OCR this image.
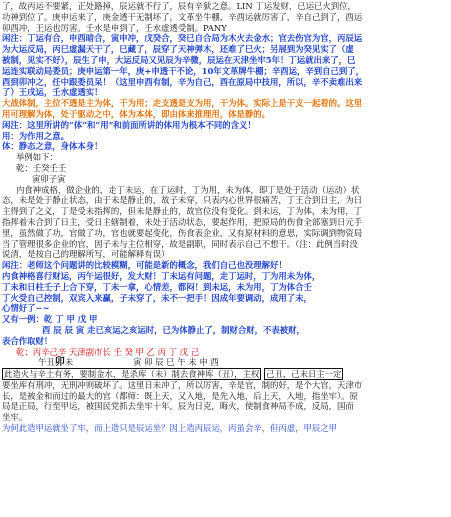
了，故丙运不要紧，正处路掉，辰运就不行了，辰有辛狱之意。LIN 丁运发财，已运已火到位，

功神到位了。庚申运来了，庚金透干无制坏了，文革坐牛棚，辛酉运就厉害了，辛自己到了，酉运

卯酉冲，王运也厉害。壬水是申到了，壬水虚透受制。PANY

闲注：丁运有合，申酉暗合，寅申冲，戊癸合，癸巳自合局为木火去金水；官去伤官为官，丙辰运

为大运反局，丙巳虚漏天干了，巳藏了，辰穿了天神弹木，还难了巳火；另展到为癸见实了（虚

被制，见实不好），辰生了申，大运反局又见辰为辛微，辰运在天津坐牢5年！丁运就出来了，巳

运连实联动局委员；庚申运第一年，庚+申透干不论，10年文革牌牛棚；辛酉运，辛到自己到了，

酉到卯冲之，任中跟委员呆！（这里申酉有制，辛为自己，酉在原局中技用，所以，辛不卖难出来

了）王戌运，壬水虚透实！

大战体制，主位不透是主为体，干为用；走支透是支为用，干为体。实际上是干支一起看的。这里

用可理解为体，处于驱动之中，体为本体，即由体来推理用，体是静的。

闲注：这里所讲的“体”和“用”和前面所讲的体用为根本不同的含义！

用：为作用之意。

体：静态之意，身体本身！

举例如下：

乾：壬癸壬壬

寅卯子寅

内食神成格，做企业的，走丁未运，在丁运时，丁为用，未为体，即丁是处于活动（运动）状

态，未是处于静止状态，由于未是静止的，故子未穿，只表内心世界很痛苦，丁王合到日主，为日

主得到了之义，丁是受未指挥的，但未是静止的，故官位没有变化。到未运，丁为体，未为用，丁

指挥着未合到了日主，受日主辖制着，未处于活动状态，要起作用，把原局的伤食全部塞到日元手

里，虽然做了功，官做了功，官也就要起变化，伤食表企业，又有原材料的意思，实际调到物资局

当了管理很多企业的官，因子未与主位相穿，故是副职，同时表示自己不想干。（注：此例当时没

说清，是按自己的理解所写，可能解释有误）

闲注：老师这个问题讲的比较模糊，可能是新的概念，我们自己也没理解好！

内食神格喜行财运，丙午运很好，发大财！丁未运有问题，走丁运时，丁为用未为体，

丁未和日柱壬子上合下穿，丁未一拿，心情差，都闷！到未运，未为用，丁为体合壬

丁火受自己控制，双宾入来赢，子未穿了，未不一把手！因成年要调动，成用了未，

心情好了~~

又有一例：乾 丁 甲 戊 甲

酉 辰 辰 寅 走已亥运之亥运时，已为体静止了，制财合财，不表被财，

表合作取财！

乾：丙辛己辛 天津副市长 壬 癸 甲 乙 丙 丁 戊 己

午丑卯未	寅 卯 辰 巳 午 未 申 酉

此造火与辛土有务，要制金水，是杀库（未）制去食神库（丑），主权 己丑，己未日主一定

要坐库有刑冲，无刑冲则破坏了。这里日未冲了，所以厉害，辛是官，制的好，是个大官，天津市

长，是被金和而过的最大的官（都师：既上天，又入地，是先入地，后上天，入地，指坐牢）。原

局是正局，行至甲运，被国民党抓去坐牢十年，辰为日克，晦火，使制食神局不成，反局，国而

坐牢。

为何此造甲运就坐了牢，而上造只是辰运坐？因上造丙辰运，丙虽会辛，但丙虚，甲辰之甲
